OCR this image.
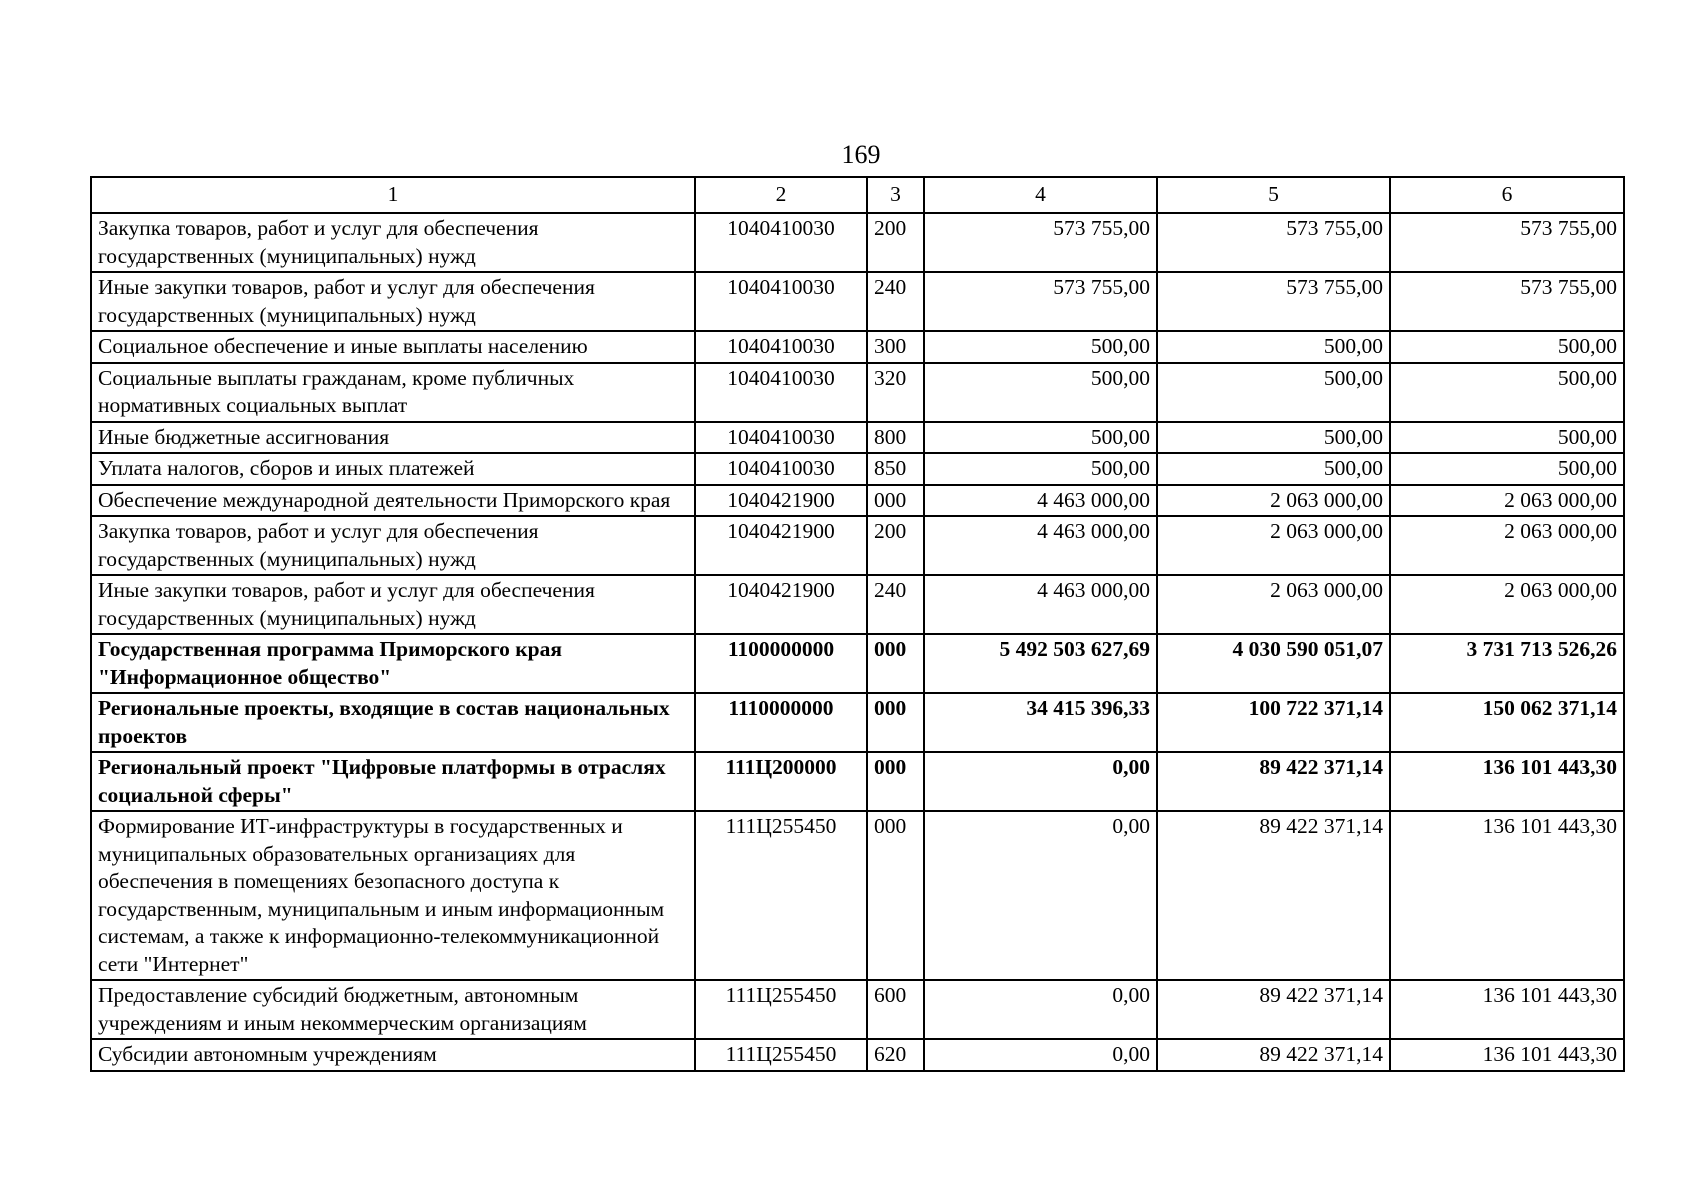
169
1	2	3	4	5	6
Закупка товаров, работ и услуг для обеспечения государственных (муниципальных) нужд	1040410030	200	573 755,00	573 755,00	573 755,00
Иные закупки товаров, работ и услуг для обеспечения государственных (муниципальных) нужд	1040410030	240	573 755,00	573 755,00	573 755,00
Социальное обеспечение и иные выплаты населению	1040410030	300	500,00	500,00	500,00
Социальные выплаты гражданам, кроме публичных нормативных социальных выплат	1040410030	320	500,00	500,00	500,00
Иные бюджетные ассигнования	1040410030	800	500,00	500,00	500,00
Уплата налогов, сборов и иных платежей	1040410030	850	500,00	500,00	500,00
Обеспечение международной деятельности Приморского края	1040421900	000	4 463 000,00	2 063 000,00	2 063 000,00
Закупка товаров, работ и услуг для обеспечения государственных (муниципальных) нужд	1040421900	200	4 463 000,00	2 063 000,00	2 063 000,00
Иные закупки товаров, работ и услуг для обеспечения государственных (муниципальных) нужд	1040421900	240	4 463 000,00	2 063 000,00	2 063 000,00
Государственная программа Приморского края "Информационное общество"	1100000000	000	5 492 503 627,69	4 030 590 051,07	3 731 713 526,26
Региональные проекты, входящие в состав национальных проектов	1110000000	000	34 415 396,33	100 722 371,14	150 062 371,14
Региональный проект "Цифровые платформы в отраслях социальной сферы"	111Ц200000	000	0,00	89 422 371,14	136 101 443,30
Формирование ИТ-инфраструктуры в государственных и муниципальных образовательных организациях для обеспечения в помещениях безопасного доступа к государственным, муниципальным и иным информационным системам, а также к информационно-телекоммуникационной сети "Интернет"	111Ц255450	000	0,00	89 422 371,14	136 101 443,30
Предоставление субсидий бюджетным, автономным учреждениям и иным некоммерческим организациям	111Ц255450	600	0,00	89 422 371,14	136 101 443,30
Субсидии автономным учреждениям	111Ц255450	620	0,00	89 422 371,14	136 101 443,30
